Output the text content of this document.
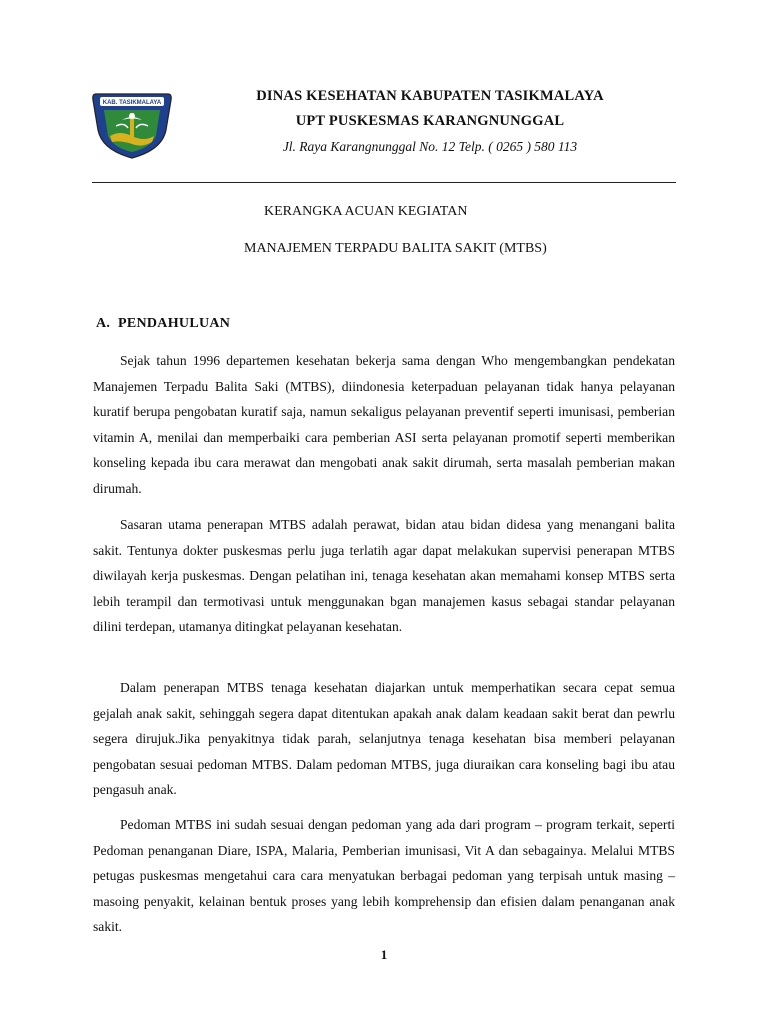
KAB. TASIKMALAYA	DINAS KESEHATAN KABUPATEN TASIKMALAYA
UPT PUSKESMAS KARANGNUNGGAL
Jl. Raya Karangnunggal No. 12 Telp. ( 0265 ) 580 113
KERANGKA ACUAN KEGIATAN
MANAJEMEN TERPADU BALITA SAKIT (MTBS)
A. PENDAHULUAN

Sejak tahun 1996 departemen kesehatan bekerja sama dengan Who mengembangkan pendekatan Manajemen Terpadu Balita Saki (MTBS), diindonesia keterpaduan pelayanan tidak hanya pelayanan kuratif berupa pengobatan kuratif saja, namun sekaligus pelayanan preventif seperti imunisasi, pemberian vitamin A, menilai dan memperbaiki cara pemberian ASI serta pelayanan promotif seperti memberikan konseling kepada ibu cara merawat dan mengobati anak sakit dirumah, serta masalah pemberian makan dirumah.

Sasaran utama penerapan MTBS adalah perawat, bidan atau bidan didesa yang menangani balita sakit. Tentunya dokter puskesmas perlu juga terlatih agar dapat melakukan supervisi penerapan MTBS diwilayah kerja puskesmas. Dengan pelatihan ini, tenaga kesehatan akan memahami konsep MTBS serta lebih terampil dan termotivasi untuk menggunakan bgan manajemen kasus sebagai standar pelayanan dilini terdepan, utamanya ditingkat pelayanan kesehatan.

Dalam penerapan MTBS tenaga kesehatan diajarkan untuk memperhatikan secara cepat semua gejalah anak sakit, sehinggah segera dapat ditentukan apakah anak dalam keadaan sakit berat dan pewrlu segera dirujuk.Jika penyakitnya tidak parah, selanjutnya tenaga kesehatan bisa memberi pelayanan pengobatan sesuai pedoman MTBS. Dalam pedoman MTBS, juga diuraikan cara konseling bagi ibu atau pengasuh anak.

Pedoman MTBS ini sudah sesuai dengan pedoman yang ada dari program – program terkait, seperti Pedoman penanganan Diare, ISPA, Malaria, Pemberian imunisasi, Vit A dan sebagainya. Melalui MTBS petugas puskesmas mengetahui cara cara menyatukan berbagai pedoman yang terpisah untuk masing – masoing penyakit, kelainan bentuk proses yang lebih komprehensip dan efisien dalam penanganan anak sakit.

1
